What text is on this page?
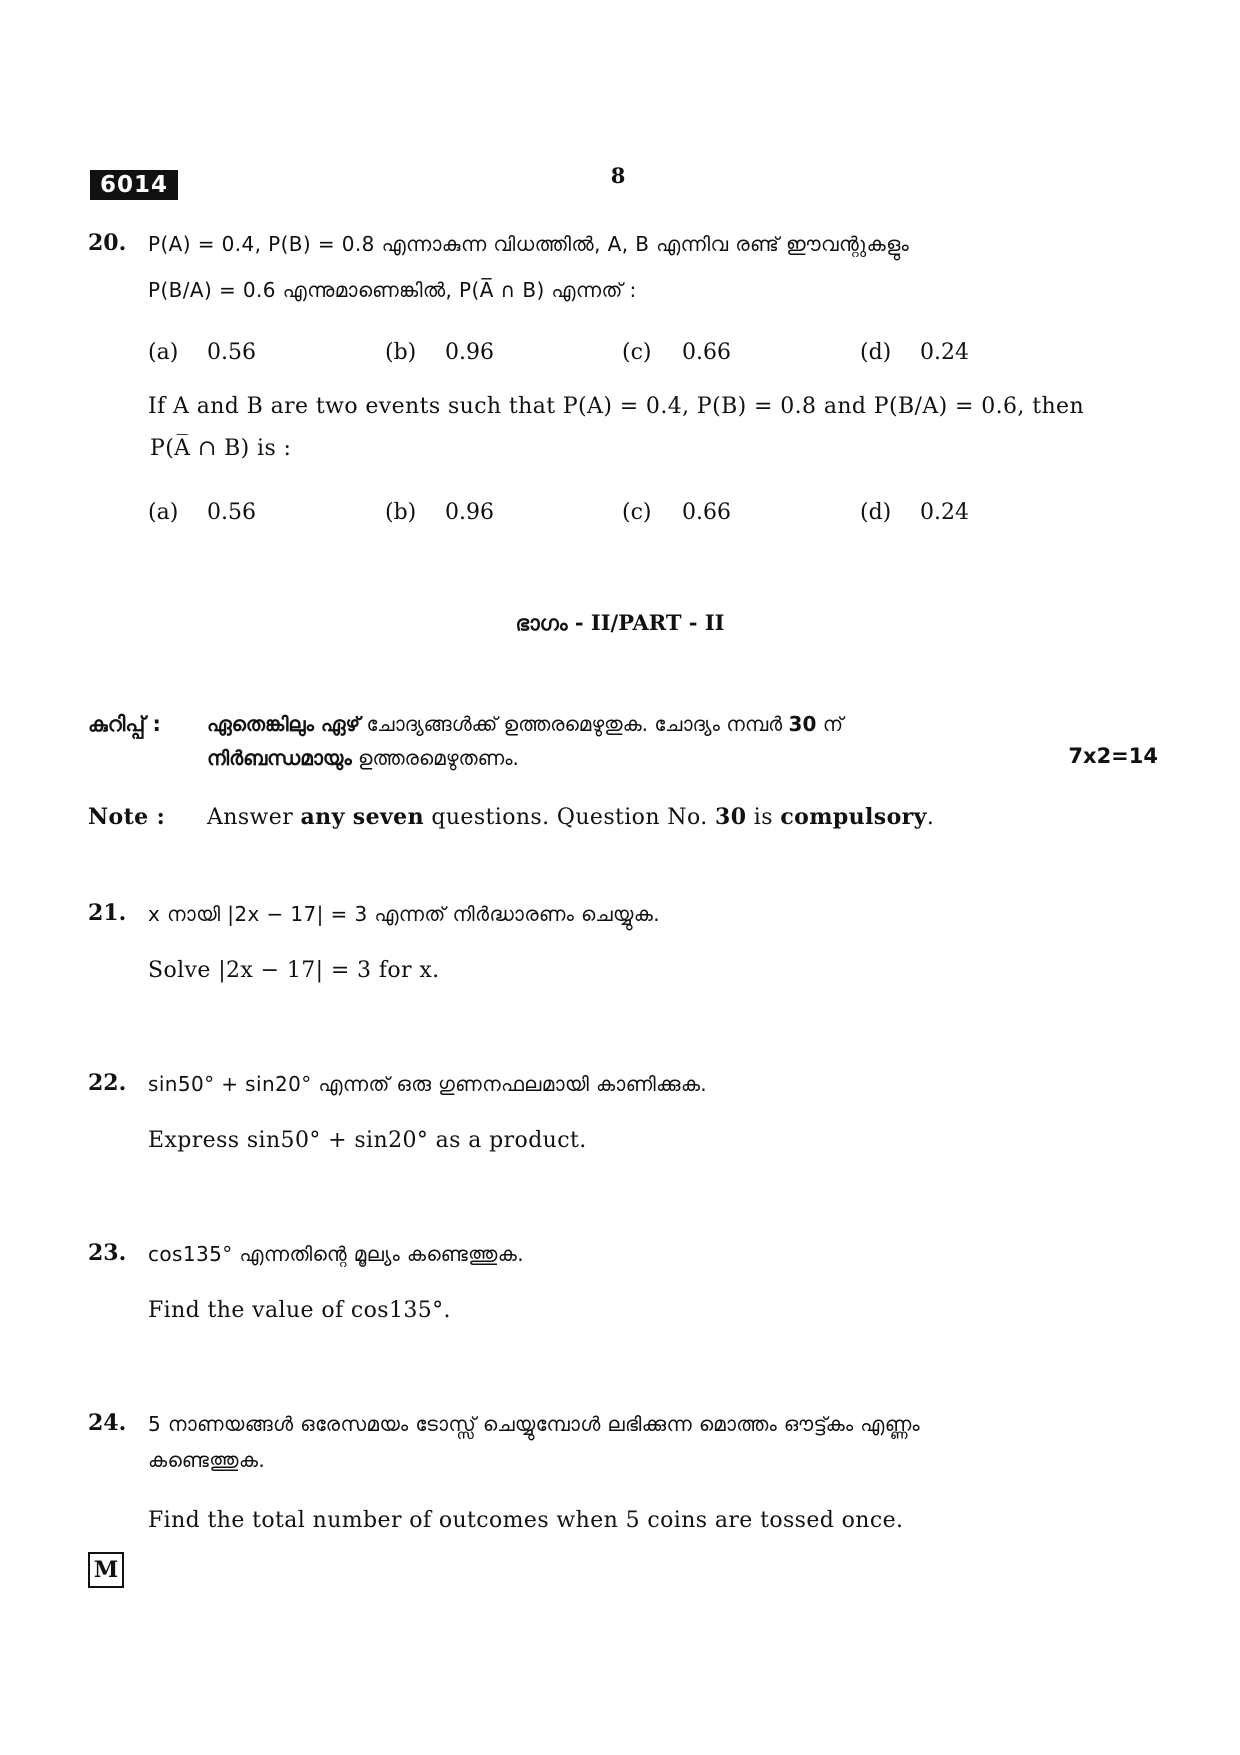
6014	8
20. P(A) = 0.4, P(B) = 0.8 എന്നാകുന്ന വിധത്തിൽ, A, B എന്നിവ രണ്ട് ഈവന്റുകളും
P(B/A) = 0.6 എന്നുമാണെങ്കിൽ, P(A̅ ∩ B) എന്നത് :
(a) 0.56	(b) 0.96	(c) 0.66	(d) 0.24
If A and B are two events such that P(A) = 0.4, P(B) = 0.8 and P(B/A) = 0.6, then
P(A̅ ∩ B) is :
(a) 0.56	(b) 0.96	(c) 0.66	(d) 0.24
ഭാഗം - II/PART - II
കുറിപ്പ് : ഏതെങ്കിലും ഏഴ് ചോദ്യങ്ങൾക്ക് ഉത്തരമെഴുതുക. ചോദ്യം നമ്പർ 30 ന്
നിർബന്ധമായും ഉത്തരമെഴുതണം.	7x2=14
Note : Answer any seven questions. Question No. 30 is compulsory.
21. x നായി |2x − 17| = 3 എന്നത് നിർദ്ധാരണം ചെയ്യുക.
Solve |2x − 17| = 3 for x.
22. sin50° + sin20° എന്നത് ഒരു ഗുണനഫലമായി കാണിക്കുക.
Express sin50° + sin20° as a product.
23. cos135° എന്നതിന്റെ മൂല്യം കണ്ടെത്തുക.
Find the value of cos135°.
24. 5 നാണയങ്ങൾ ഒരേസമയം ടോസ്സ് ചെയ്യുമ്പോൾ ലഭിക്കുന്ന മൊത്തം ഔട്ട്കം എണ്ണം
കണ്ടെത്തുക.
Find the total number of outcomes when 5 coins are tossed once.
M
